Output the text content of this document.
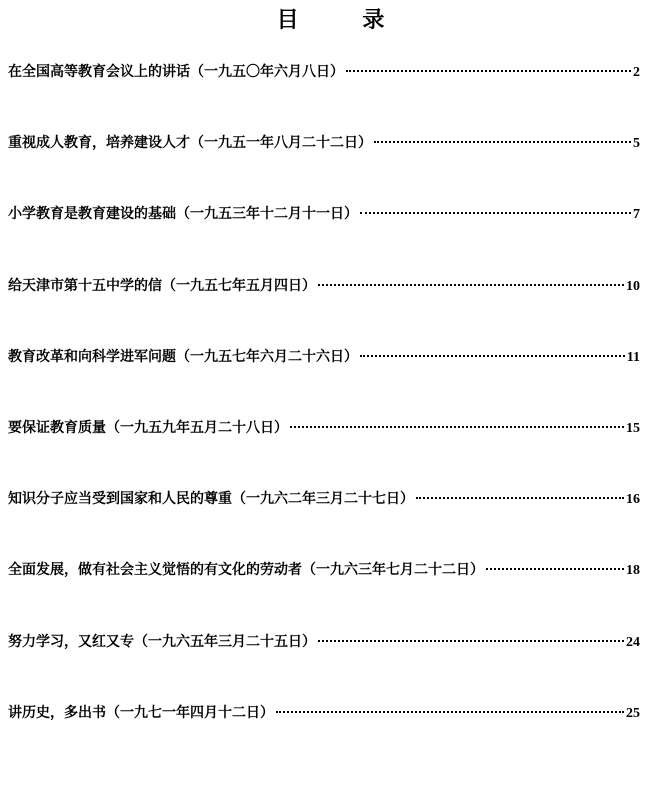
目 录
在全国高等教育会议上的讲话（一九五〇年六月八日）	2
重视成人教育，培养建设人才（一九五一年八月二十二日）	5
小学教育是教育建设的基础（一九五三年十二月十一日）	7
给天津市第十五中学的信（一九五七年五月四日）	10
教育改革和向科学进军问题（一九五七年六月二十六日）	11
要保证教育质量（一九五九年五月二十八日）	15
知识分子应当受到国家和人民的尊重（一九六二年三月二十七日）	16
全面发展，做有社会主义觉悟的有文化的劳动者（一九六三年七月二十二日）	18
努力学习，又红又专（一九六五年三月二十五日）	24
讲历史，多出书（一九七一年四月十二日）	25
